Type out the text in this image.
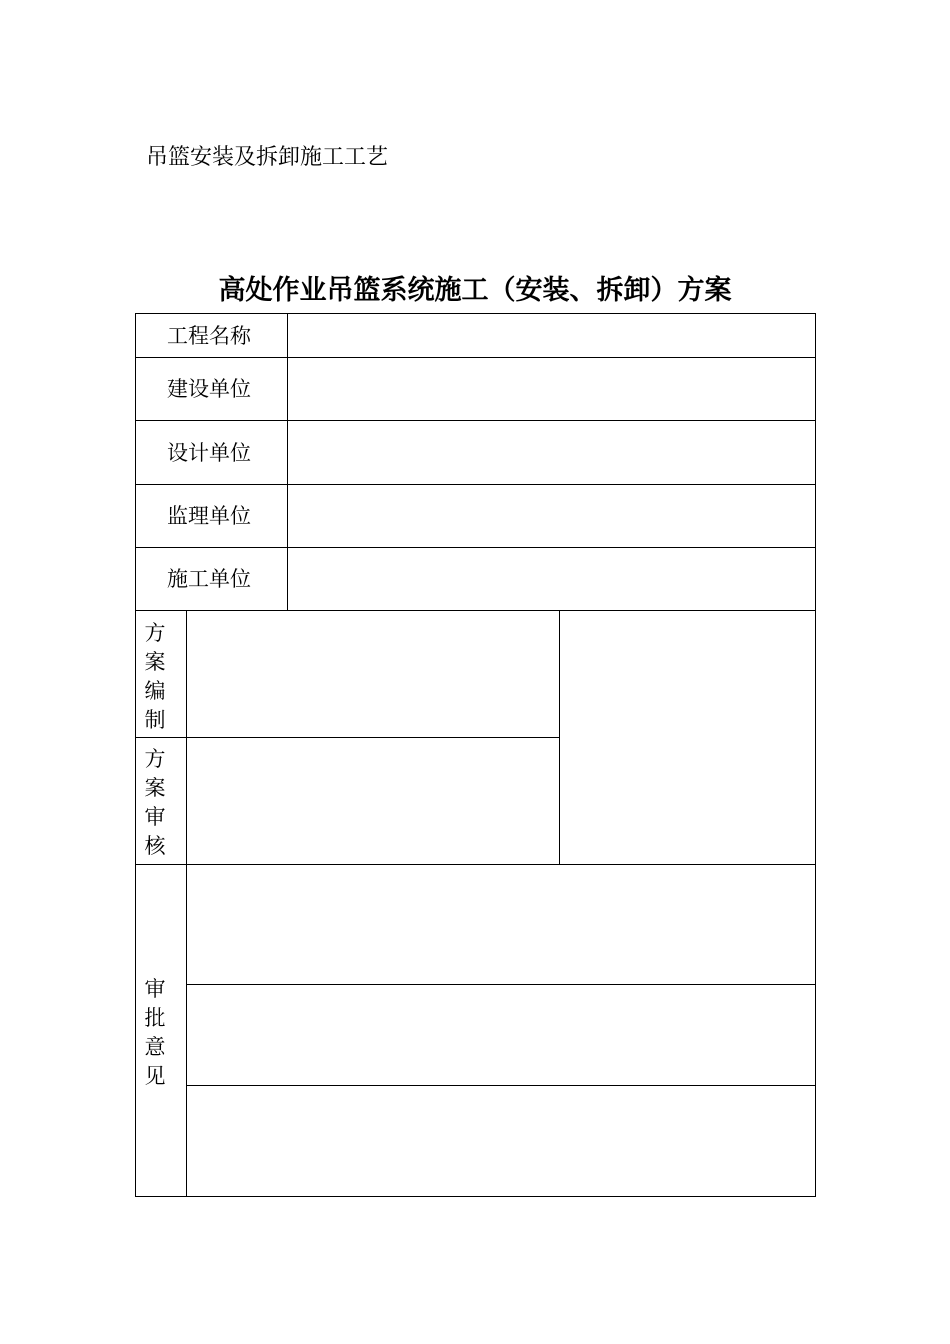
吊篮安装及拆卸施工工艺
高处作业吊篮系统施工（安装、拆卸）方案
工程名称
建设单位
设计单位
监理单位
施工单位
方
案
编
制
方
案
审
核
审
批
意
见
